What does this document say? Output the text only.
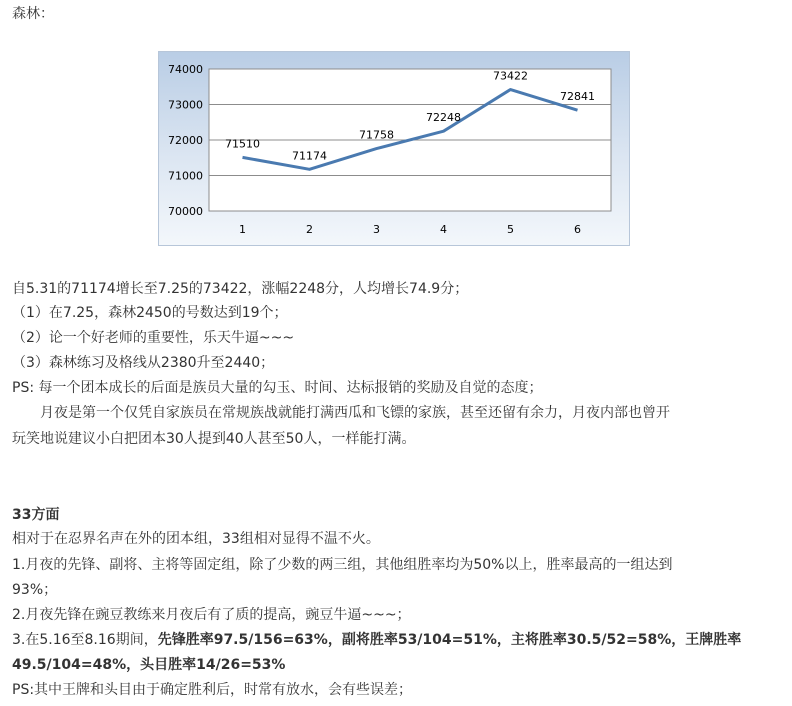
森林：
70000
71000
72000
73000
74000
1	2	3	4	5	6
71510
71174
71758
72248
73422
72841
自5.31的71174增长至7.25的73422，涨幅2248分，人均增长74.9分；
（1）在7.25，森林2450的号数达到19个；
（2）论一个好老师的重要性，乐天牛逼~~~
（3）森林练习及格线从2380升至2440；
PS: 每一个团本成长的后面是族员大量的勾玉、时间、达标报销的奖励及自觉的态度；
月夜是第一个仅凭自家族员在常规族战就能打满西瓜和飞镖的家族，甚至还留有余力，月夜内部也曾开
玩笑地说建议小白把团本30人提到40人甚至50人，一样能打满。
33方面
相对于在忍界名声在外的团本组，33组相对显得不温不火。
1.月夜的先锋、副将、主将等固定组，除了少数的两三组，其他组胜率均为50%以上，胜率最高的一组达到
93%；
2.月夜先锋在豌豆教练来月夜后有了质的提高，豌豆牛逼~~~；
3.在5.16至8.16期间，先锋胜率97.5/156=63%，副将胜率53/104=51%，主将胜率30.5/52=58%，王牌胜率
49.5/104=48%，头目胜率14/26=53%
PS:其中王牌和头目由于确定胜利后，时常有放水，会有些误差；
